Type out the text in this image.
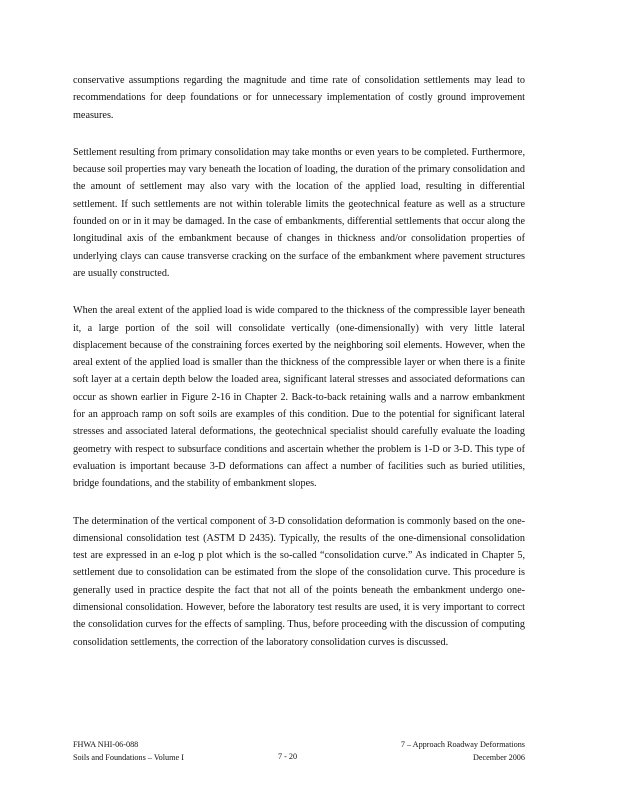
conservative assumptions regarding the magnitude and time rate of consolidation settlements may lead to recommendations for deep foundations or for unnecessary implementation of costly ground improvement measures.

Settlement resulting from primary consolidation may take months or even years to be completed. Furthermore, because soil properties may vary beneath the location of loading, the duration of the primary consolidation and the amount of settlement may also vary with the location of the applied load, resulting in differential settlement. If such settlements are not within tolerable limits the geotechnical feature as well as a structure founded on or in it may be damaged. In the case of embankments, differential settlements that occur along the longitudinal axis of the embankment because of changes in thickness and/or consolidation properties of underlying clays can cause transverse cracking on the surface of the embankment where pavement structures are usually constructed.

When the areal extent of the applied load is wide compared to the thickness of the compressible layer beneath it, a large portion of the soil will consolidate vertically (one-dimensionally) with very little lateral displacement because of the constraining forces exerted by the neighboring soil elements. However, when the areal extent of the applied load is smaller than the thickness of the compressible layer or when there is a finite soft layer at a certain depth below the loaded area, significant lateral stresses and associated deformations can occur as shown earlier in Figure 2-16 in Chapter 2. Back-to-back retaining walls and a narrow embankment for an approach ramp on soft soils are examples of this condition. Due to the potential for significant lateral stresses and associated lateral deformations, the geotechnical specialist should carefully evaluate the loading geometry with respect to subsurface conditions and ascertain whether the problem is 1-D or 3-D. This type of evaluation is important because 3-D deformations can affect a number of facilities such as buried utilities, bridge foundations, and the stability of embankment slopes.

The determination of the vertical component of 3-D consolidation deformation is commonly based on the one-dimensional consolidation test (ASTM D 2435). Typically, the results of the one-dimensional consolidation test are expressed in an e-log p plot which is the so-called “consolidation curve.” As indicated in Chapter 5, settlement due to consolidation can be estimated from the slope of the consolidation curve. This procedure is generally used in practice despite the fact that not all of the points beneath the embankment undergo one-dimensional consolidation. However, before the laboratory test results are used, it is very important to correct the consolidation curves for the effects of sampling. Thus, before proceeding with the discussion of computing consolidation settlements, the correction of the laboratory consolidation curves is discussed.

FHWA NHI-06-088
Soils and Foundations – Volume I	7 - 20
7 – Approach Roadway Deformations
December 2006
